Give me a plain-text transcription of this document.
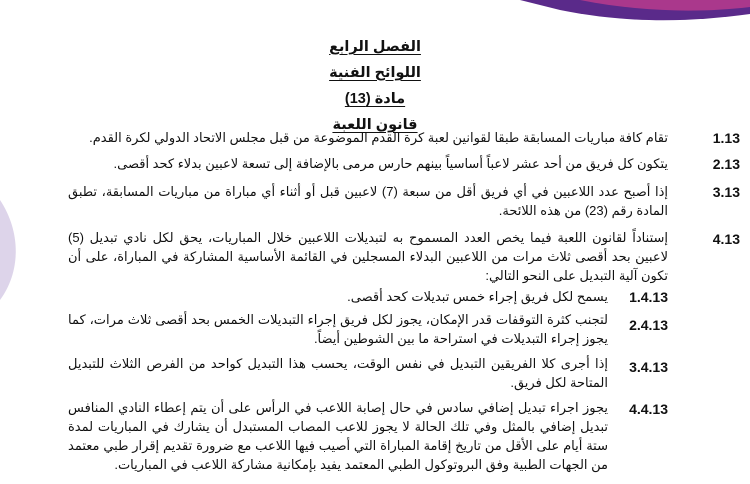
الفصل الرابع
اللوائح الفنية
مادة (13)
قانون اللعبة
1.13
تقام كافة مباريات المسابقة طبقا لقوانين لعبة كرة القدم الموضوعة من قبل مجلس الاتحاد الدولي لكرة القدم.
2.13
يتكون كل فريق من أحد عشر لاعباً أساسياً بينهم حارس مرمى بالإضافة إلى تسعة لاعبين بدلاء كحد أقصى.
3.13
إذا أصبح عدد اللاعبين في أي فريق أقل من سبعة (7) لاعبين قبل أو أثناء أي مباراة من مباريات المسابقة، تطبق المادة رقم (23) من هذه اللائحة.
4.13
إستناداً لقانون اللعبة فيما يخص العدد المسموح به لتبديلات اللاعبين خلال المباريات، يحق لكل نادي تبديل (5) لاعبين بحد أقصى ثلاث مرات من اللاعبين البدلاء المسجلين في القائمة الأساسية المشاركة في المباراة، على أن تكون آلية التبديل على النحو التالي:
1.4.13
يسمح لكل فريق إجراء خمس تبديلات كحد أقصى.
2.4.13
لتجنب كثرة التوقفات قدر الإمكان، يجوز لكل فريق إجراء التبديلات الخمس بحد أقصى ثلاث مرات، كما يجوز إجراء التبديلات في استراحة ما بين الشوطين أيضاً.
3.4.13
إذا أجرى كلا الفريقين التبديل في نفس الوقت، يحسب هذا التبديل كواحد من الفرص الثلاث للتبديل المتاحة لكل فريق.
4.4.13
يجوز اجراء تبديل إضافي سادس في حال إصابة اللاعب في الرأس على أن يتم إعطاء النادي المنافس تبديل إضافي بالمثل وفي تلك الحالة لا يجوز للاعب المصاب المستبدل أن يشارك في المباريات لمدة ستة أيام على الأقل من تاريخ إقامة المباراة التي أصيب فيها اللاعب مع ضرورة تقديم إقرار طبي معتمد من الجهات الطبية وفق البروتوكول الطبي المعتمد يفيد بإمكانية مشاركة اللاعب في المباريات.
